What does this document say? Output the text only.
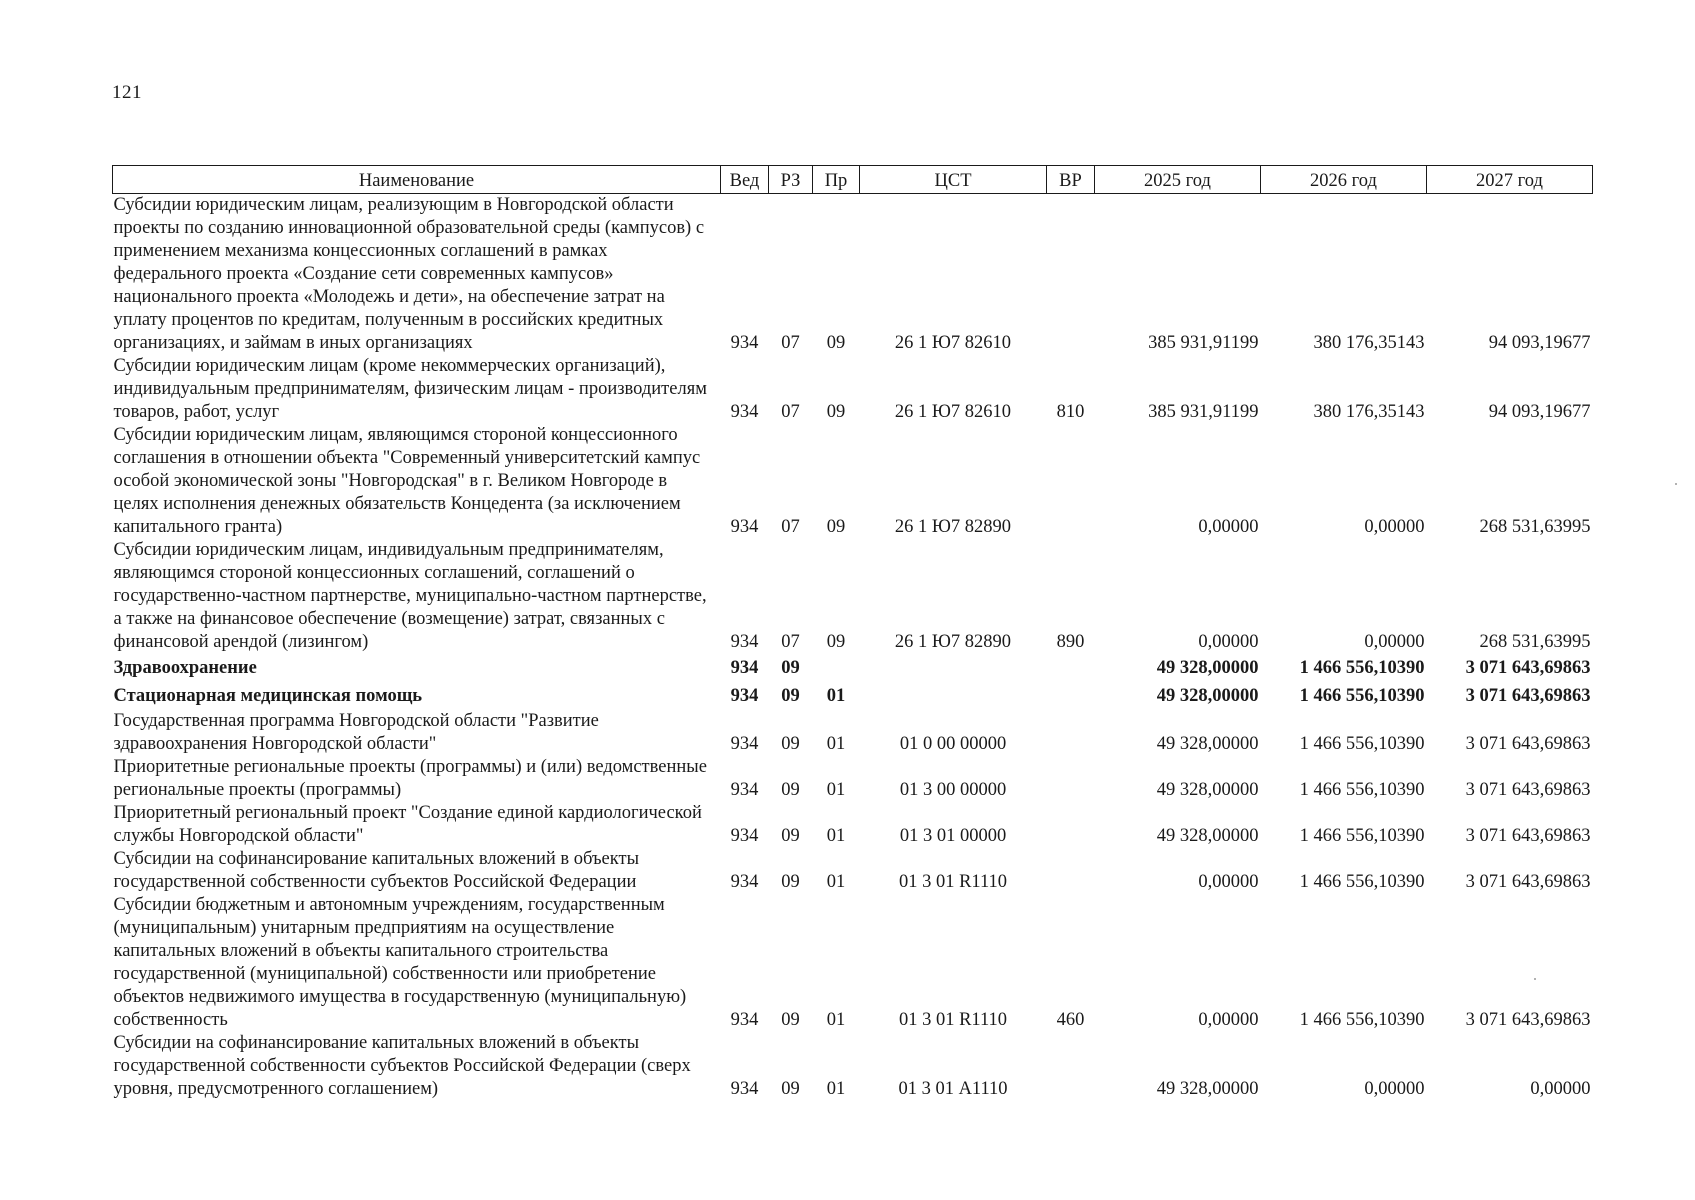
121
Наименование	Вед	РЗ	Пр	ЦСТ	ВР	2025 год	2026 год	2027 год
Субсидии юридическим лицам, реализующим в Новгородской области проекты по созданию инновационной образовательной среды (кампусов) с применением механизма концессионных соглашений в рамках федерального проекта «Создание сети современных кампусов» национального проекта «Молодежь и дети», на обеспечение затрат на уплату процентов по кредитам, полученным в российских кредитных организациях, и займам в иных организациях	934	07	09	26 1 Ю7 82610		385 931,91199	380 176,35143	94 093,19677
Субсидии юридическим лицам (кроме некоммерческих организаций), индивидуальным предпринимателям, физическим лицам - производителям товаров, работ, услуг	934	07	09	26 1 Ю7 82610	810	385 931,91199	380 176,35143	94 093,19677
Субсидии юридическим лицам, являющимся стороной концессионного соглашения в отношении объекта "Современный университетский кампус особой экономической зоны "Новгородская" в г. Великом Новгороде в целях исполнения денежных обязательств Концедента (за исключением капитального гранта)	934	07	09	26 1 Ю7 82890		0,00000	0,00000	268 531,63995
Субсидии юридическим лицам, индивидуальным предпринимателям, являющимся стороной концессионных соглашений, соглашений о государственно-частном партнерстве, муниципально-частном партнерстве, а также на финансовое обеспечение (возмещение) затрат, связанных с финансовой арендой (лизингом)	934	07	09	26 1 Ю7 82890	890	0,00000	0,00000	268 531,63995
Здравоохранение	934	09				49 328,00000	1 466 556,10390	3 071 643,69863
Стационарная медицинская помощь	934	09	01			49 328,00000	1 466 556,10390	3 071 643,69863
Государственная программа Новгородской области "Развитие здравоохранения Новгородской области"	934	09	01	01 0 00 00000		49 328,00000	1 466 556,10390	3 071 643,69863
Приоритетные региональные проекты (программы) и (или) ведомственные региональные проекты (программы)	934	09	01	01 3 00 00000		49 328,00000	1 466 556,10390	3 071 643,69863
Приоритетный региональный проект "Создание единой кардиологической службы Новгородской области"	934	09	01	01 3 01 00000		49 328,00000	1 466 556,10390	3 071 643,69863
Субсидии на софинансирование капитальных вложений в объекты государственной собственности субъектов Российской Федерации	934	09	01	01 3 01 R1110		0,00000	1 466 556,10390	3 071 643,69863
Субсидии бюджетным и автономным учреждениям, государственным (муниципальным) унитарным предприятиям на осуществление капитальных вложений в объекты капитального строительства государственной (муниципальной) собственности или приобретение объектов недвижимого имущества в государственную (муниципальную) собственность	934	09	01	01 3 01 R1110	460	0,00000	1 466 556,10390	3 071 643,69863
Субсидии на софинансирование капитальных вложений в объекты государственной собственности субъектов Российской Федерации (сверх уровня, предусмотренного соглашением)	934	09	01	01 3 01 А1110		49 328,00000	0,00000	0,00000
